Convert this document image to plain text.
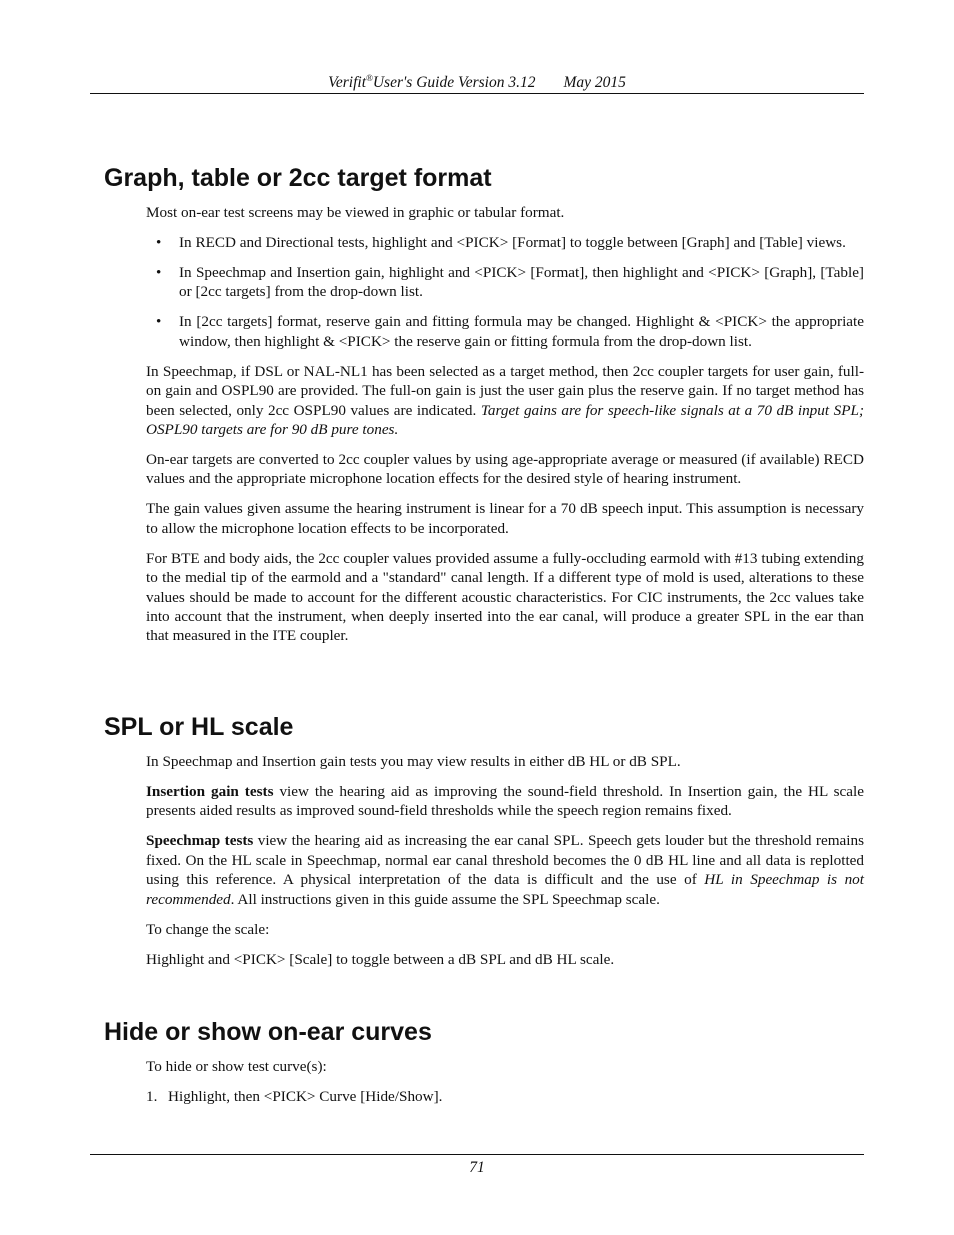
Verifit®User's Guide Version 3.12 May 2015
Graph, table or 2cc target format

Most on-ear test screens may be viewed in graphic or tabular format.

• In RECD and Directional tests, highlight and <PICK> [Format] to toggle between [Graph] and [Table] views.
• In Speechmap and Insertion gain, highlight and <PICK> [Format], then highlight and <PICK> [Graph], [Table] or [2cc targets] from the drop-down list.
• In [2cc targets] format, reserve gain and fitting formula may be changed. Highlight & <PICK> the appropriate window, then highlight & <PICK> the reserve gain or fitting formula from the drop-down list.

In Speechmap, if DSL or NAL-NL1 has been selected as a target method, then 2cc coupler targets for user gain, full-on gain and OSPL90 are provided. The full-on gain is just the user gain plus the reserve gain. If no target method has been selected, only 2cc OSPL90 values are indicated. Target gains are for speech-like signals at a 70 dB input SPL; OSPL90 targets are for 90 dB pure tones.

On-ear targets are converted to 2cc coupler values by using age-appropriate average or measured (if available) RECD values and the appropriate microphone location effects for the desired style of hearing instrument.

The gain values given assume the hearing instrument is linear for a 70 dB speech input. This assumption is necessary to allow the microphone location effects to be incorporated.

For BTE and body aids, the 2cc coupler values provided assume a fully-occluding earmold with #13 tubing extending to the medial tip of the earmold and a "standard" canal length. If a different type of mold is used, alterations to these values should be made to account for the different acoustic characteristics. For CIC instruments, the 2cc values take into account that the instrument, when deeply inserted into the ear canal, will produce a greater SPL in the ear than that measured in the ITE coupler.

SPL or HL scale

In Speechmap and Insertion gain tests you may view results in either dB HL or dB SPL.

Insertion gain tests view the hearing aid as improving the sound-field threshold. In Insertion gain, the HL scale presents aided results as improved sound-field thresholds while the speech region remains fixed.

Speechmap tests view the hearing aid as increasing the ear canal SPL. Speech gets louder but the threshold remains fixed. On the HL scale in Speechmap, normal ear canal threshold becomes the 0 dB HL line and all data is replotted using this reference. A physical interpretation of the data is difficult and the use of HL in Speechmap is not recommended. All instructions given in this guide assume the SPL Speechmap scale.

To change the scale:

Highlight and <PICK> [Scale] to toggle between a dB SPL and dB HL scale.

Hide or show on-ear curves

To hide or show test curve(s):

1. Highlight, then <PICK> Curve [Hide/Show].
71
